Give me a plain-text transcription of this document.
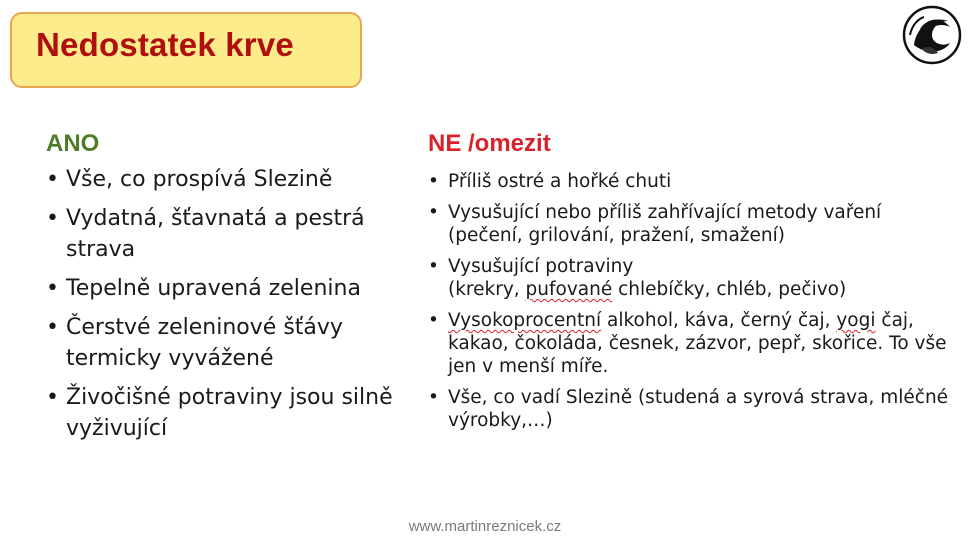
Nedostatek krve
ANO
• Vše, co prospívá Slezině
• Vydatná, šťavnatá a pestrá strava
• Tepelně upravená zelenina
• Čerstvé zeleninové šťávy termicky vyvážené
• Živočišné potraviny jsou silně vyživující
NE /omezit
• Příliš ostré a hořké chuti
• Vysušující nebo příliš zahřívající metody vaření
(pečení, grilování, pražení, smažení)
• Vysušující potraviny
(krekry, pufované chlebíčky, chléb, pečivo)
• Vysokoprocentní alkohol, káva, černý čaj, yogi čaj, kakao, čokoláda, česnek, zázvor, pepř, skořice. To vše jen v menší míře.
• Vše, co vadí Slezině (studená a syrová strava, mléčné výrobky,…)
www.martinreznicek.cz
